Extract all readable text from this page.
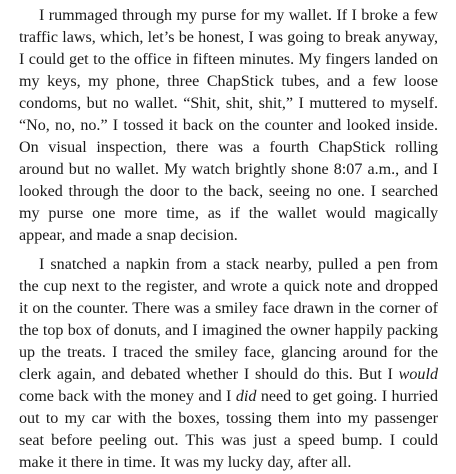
I rummaged through my purse for my wallet. If I broke a few traffic laws, which, let’s be honest, I was going to break anyway, I could get to the office in fifteen minutes. My fingers landed on my keys, my phone, three ChapStick tubes, and a few loose condoms, but no wallet. “Shit, shit, shit,” I muttered to myself. “No, no, no.” I tossed it back on the counter and looked inside. On visual inspection, there was a fourth ChapStick rolling around but no wallet. My watch brightly shone 8:07 a.m., and I looked through the door to the back, seeing no one. I searched my purse one more time, as if the wallet would magically appear, and made a snap decision.

I snatched a napkin from a stack nearby, pulled a pen from the cup next to the register, and wrote a quick note and dropped it on the counter. There was a smiley face drawn in the corner of the top box of donuts, and I imagined the owner happily packing up the treats. I traced the smiley face, glancing around for the clerk again, and debated whether I should do this. But I would come back with the money and I did need to get going. I hurried out to my car with the boxes, tossing them into my passenger seat before peeling out. This was just a speed bump. I could make it there in time. It was my lucky day, after all.
